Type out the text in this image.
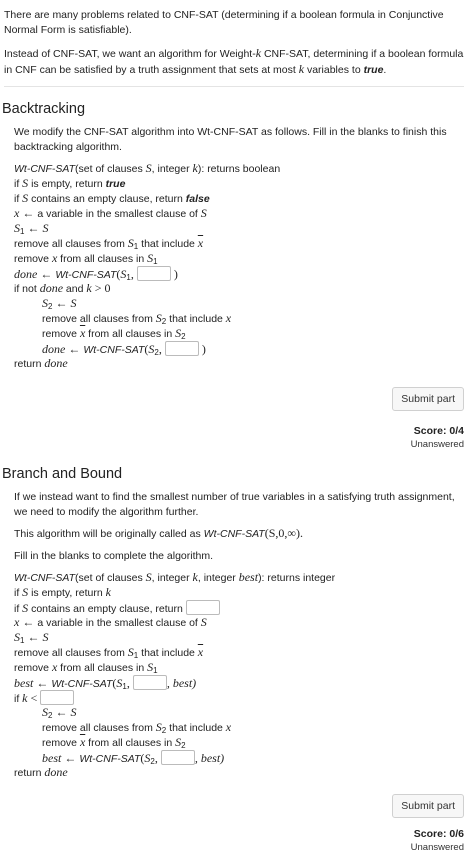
There are many problems related to CNF-SAT (determining if a boolean formula in Conjunctive Normal Form is satisfiable).

Instead of CNF-SAT, we want an algorithm for Weight-k CNF-SAT, determining if a boolean formula in CNF can be satisfied by a truth assignment that sets at most k variables to true.

Backtracking

We modify the CNF-SAT algorithm into Wt-CNF-SAT as follows. Fill in the blanks to finish this backtracking algorithm.

Wt-CNF-SAT(set of clauses S, integer k): returns boolean
if S is empty, return true
if S contains an empty clause, return false
x ← a variable in the smallest clause of S
$S_1$ ← S
remove all clauses from $S_1$ that include $\overline{x}$
remove x from all clauses in $S_1$
done ← $Wt-CNF-SAT(S_1$,	)
if not done and k > 0
$S_2$ ← S
remove all clauses from $S_2$ that include x
remove $\overline{x}$ from all clauses in $S_2$
done ← $Wt-CNF-SAT(S_2$,	)
return done
Submit part
Score: 0/4
Unanswered
Branch and Bound

If we instead want to find the smallest number of true variables in a satisfying truth assignment, we need to modify the algorithm further.

This algorithm will be originally called as Wt-CNF-SAT(S,0,∞).

Fill in the blanks to complete the algorithm.

Wt-CNF-SAT(set of clauses S, integer k, integer best): returns integer
if S is empty, return k
if S contains an empty clause, return
x ← a variable in the smallest clause of S
$S_1$ ← S
remove all clauses from $S_1$ that include $\overline{x}$
remove x from all clauses in $S_1$
best ← $Wt-CNF-SAT(S_1$,	, best)
if k <
$S_2$ ← S
remove all clauses from $S_2$ that include x
remove $\overline{x}$ from all clauses in $S_2$
best ← $Wt-CNF-SAT(S_2$,	, best)
return done
Submit part
Score: 0/6
Unanswered
